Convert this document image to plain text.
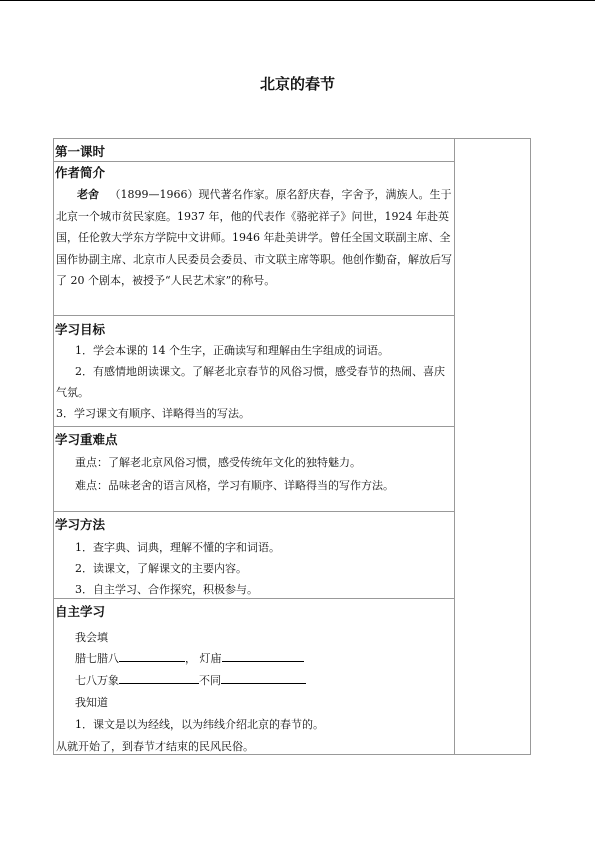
北京的春节
第一课时
作者简介
老舍 （1899—1966）现代著名作家。原名舒庆春，字舍予，满族人。生于北京一个城市贫民家庭。1937 年，他的代表作《骆驼祥子》问世，1924 年赴英国，任伦敦大学东方学院中文讲师。1946 年赴美讲学。曾任全国文联副主席、全国作协副主席、北京市人民委员会委员、市文联主席等职。他创作勤奋，解放后写了 20 个剧本，被授予“人民艺术家”的称号。
学习目标
1．学会本课的 14 个生字，正确读写和理解由生字组成的词语。
2．有感情地朗读课文。了解老北京春节的风俗习惯，感受春节的热闹、喜庆气氛。
3．学习课文有顺序、详略得当的写法。
学习重难点
重点：了解老北京风俗习惯，感受传统年文化的独特魅力。
难点：品味老舍的语言风格，学习有顺序、详略得当的写作方法。
学习方法
1．查字典、词典，理解不懂的字和词语。
2．读课文，了解课文的主要内容。
3．自主学习、合作探究，积极参与。
自主学习
我会填
腊七腊八	， 灯庙
七八万象	不同
我知道
1．课文是以为经线，以为纬线介绍北京的春节的。
从就开始了，到春节才结束的民风民俗。
